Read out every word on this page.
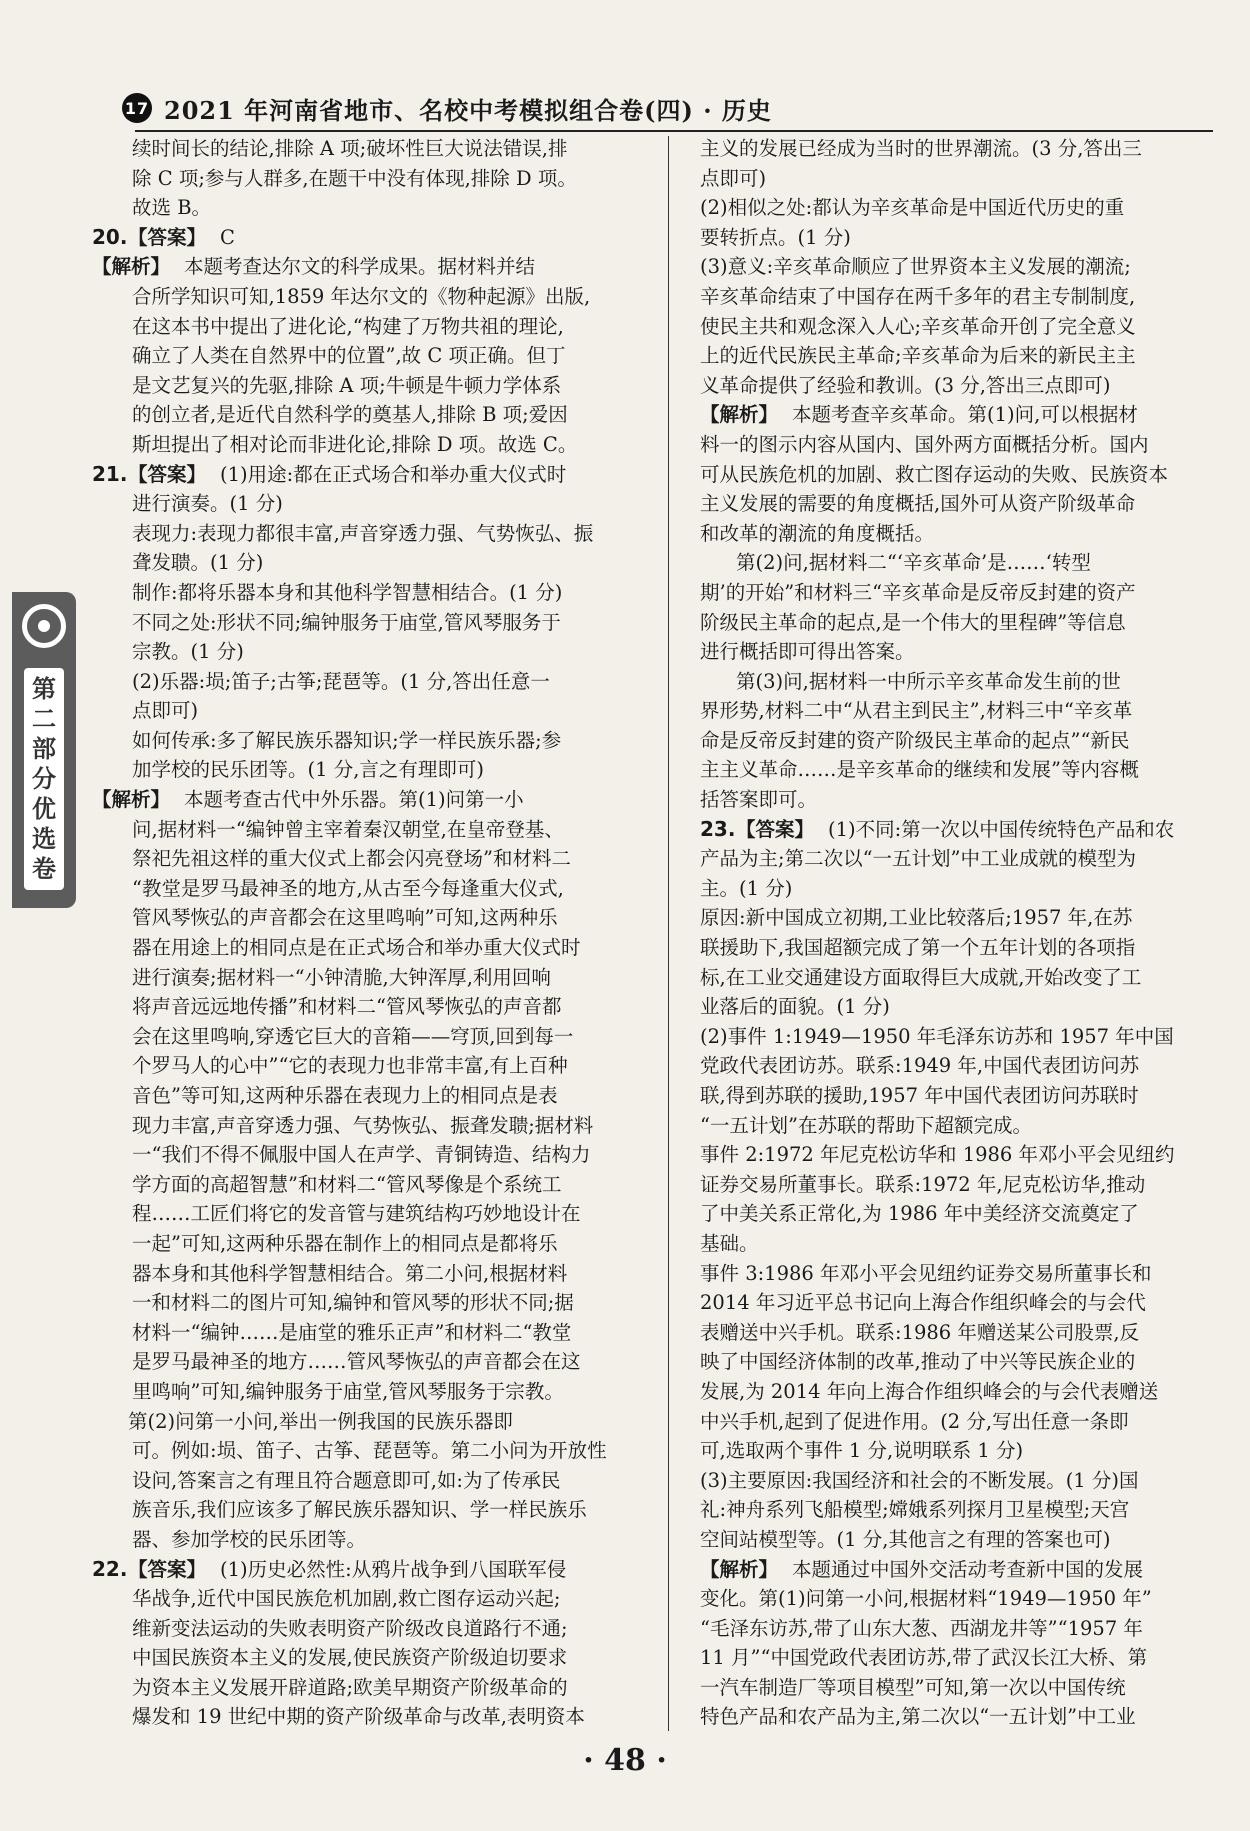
17 2021 年河南省地市、名校中考模拟组合卷(四) · 历史
续时间长的结论,排除 A 项;破坏性巨大说法错误,排
除 C 项;参与人群多,在题干中没有体现,排除 D 项。
故选 B。
20.【答案】 C
【解析】 本题考查达尔文的科学成果。据材料并结
合所学知识可知,1859 年达尔文的《物种起源》出版,
在这本书中提出了进化论,“构建了万物共祖的理论,
确立了人类在自然界中的位置”,故 C 项正确。但丁
是文艺复兴的先驱,排除 A 项;牛顿是牛顿力学体系
的创立者,是近代自然科学的奠基人,排除 B 项;爱因
斯坦提出了相对论而非进化论,排除 D 项。故选 C。
21.【答案】 (1)用途:都在正式场合和举办重大仪式时
进行演奏。(1 分)
表现力:表现力都很丰富,声音穿透力强、气势恢弘、振
聋发聩。(1 分)
制作:都将乐器本身和其他科学智慧相结合。(1 分)
不同之处:形状不同;编钟服务于庙堂,管风琴服务于
宗教。(1 分)
(2)乐器:埙;笛子;古筝;琵琶等。(1 分,答出任意一
点即可)
如何传承:多了解民族乐器知识;学一样民族乐器;参
加学校的民乐团等。(1 分,言之有理即可)
【解析】 本题考查古代中外乐器。第(1)问第一小
问,据材料一“编钟曾主宰着秦汉朝堂,在皇帝登基、
祭祀先祖这样的重大仪式上都会闪亮登场”和材料二
“教堂是罗马最神圣的地方,从古至今每逢重大仪式,
管风琴恢弘的声音都会在这里鸣响”可知,这两种乐
器在用途上的相同点是在正式场合和举办重大仪式时
进行演奏;据材料一“小钟清脆,大钟浑厚,利用回响
将声音远远地传播”和材料二“管风琴恢弘的声音都
会在这里鸣响,穿透它巨大的音箱——穹顶,回到每一
个罗马人的心中”“它的表现力也非常丰富,有上百种
音色”等可知,这两种乐器在表现力上的相同点是表
现力丰富,声音穿透力强、气势恢弘、振聋发聩;据材料
一“我们不得不佩服中国人在声学、青铜铸造、结构力
学方面的高超智慧”和材料二“管风琴像是个系统工
程……工匠们将它的发音管与建筑结构巧妙地设计在
一起”可知,这两种乐器在制作上的相同点是都将乐
器本身和其他科学智慧相结合。第二小问,根据材料
一和材料二的图片可知,编钟和管风琴的形状不同;据
材料一“编钟……是庙堂的雅乐正声”和材料二“教堂
是罗马最神圣的地方……管风琴恢弘的声音都会在这
里鸣响”可知,编钟服务于庙堂,管风琴服务于宗教。
第(2)问第一小问,举出一例我国的民族乐器即
可。例如:埙、笛子、古筝、琵琶等。第二小问为开放性
设问,答案言之有理且符合题意即可,如:为了传承民
族音乐,我们应该多了解民族乐器知识、学一样民族乐
器、参加学校的民乐团等。
22.【答案】 (1)历史必然性:从鸦片战争到八国联军侵
华战争,近代中国民族危机加剧,救亡图存运动兴起;
维新变法运动的失败表明资产阶级改良道路行不通;
中国民族资本主义的发展,使民族资产阶级迫切要求
为资本主义发展开辟道路;欧美早期资产阶级革命的
爆发和 19 世纪中期的资产阶级革命与改革,表明资本
主义的发展已经成为当时的世界潮流。(3 分,答出三
点即可)
(2)相似之处:都认为辛亥革命是中国近代历史的重
要转折点。(1 分)
(3)意义:辛亥革命顺应了世界资本主义发展的潮流;
辛亥革命结束了中国存在两千多年的君主专制制度,
使民主共和观念深入人心;辛亥革命开创了完全意义
上的近代民族民主革命;辛亥革命为后来的新民主主
义革命提供了经验和教训。(3 分,答出三点即可)
【解析】 本题考查辛亥革命。第(1)问,可以根据材
料一的图示内容从国内、国外两方面概括分析。国内
可从民族危机的加剧、救亡图存运动的失败、民族资本
主义发展的需要的角度概括,国外可从资产阶级革命
和改革的潮流的角度概括。
第(2)问,据材料二“‘辛亥革命’是……‘转型
期’的开始”和材料三“辛亥革命是反帝反封建的资产
阶级民主革命的起点,是一个伟大的里程碑”等信息
进行概括即可得出答案。
第(3)问,据材料一中所示辛亥革命发生前的世
界形势,材料二中“从君主到民主”,材料三中“辛亥革
命是反帝反封建的资产阶级民主革命的起点”“新民
主主义革命……是辛亥革命的继续和发展”等内容概
括答案即可。
23.【答案】 (1)不同:第一次以中国传统特色产品和农
产品为主;第二次以“一五计划”中工业成就的模型为
主。(1 分)
原因:新中国成立初期,工业比较落后;1957 年,在苏
联援助下,我国超额完成了第一个五年计划的各项指
标,在工业交通建设方面取得巨大成就,开始改变了工
业落后的面貌。(1 分)
(2)事件 1:1949—1950 年毛泽东访苏和 1957 年中国
党政代表团访苏。联系:1949 年,中国代表团访问苏
联,得到苏联的援助,1957 年中国代表团访问苏联时
“一五计划”在苏联的帮助下超额完成。
事件 2:1972 年尼克松访华和 1986 年邓小平会见纽约
证券交易所董事长。联系:1972 年,尼克松访华,推动
了中美关系正常化,为 1986 年中美经济交流奠定了
基础。
事件 3:1986 年邓小平会见纽约证券交易所董事长和
2014 年习近平总书记向上海合作组织峰会的与会代
表赠送中兴手机。联系:1986 年赠送某公司股票,反
映了中国经济体制的改革,推动了中兴等民族企业的
发展,为 2014 年向上海合作组织峰会的与会代表赠送
中兴手机,起到了促进作用。(2 分,写出任意一条即
可,选取两个事件 1 分,说明联系 1 分)
(3)主要原因:我国经济和社会的不断发展。(1 分)国
礼:神舟系列飞船模型;嫦娥系列探月卫星模型;天宫
空间站模型等。(1 分,其他言之有理的答案也可)
【解析】 本题通过中国外交活动考查新中国的发展
变化。第(1)问第一小问,根据材料“1949—1950 年”
“毛泽东访苏,带了山东大葱、西湖龙井等”“1957 年
11 月”“中国党政代表团访苏,带了武汉长江大桥、第
一汽车制造厂等项目模型”可知,第一次以中国传统
特色产品和农产品为主,第二次以“一五计划”中工业
第二部分 优选卷
· 48 ·
